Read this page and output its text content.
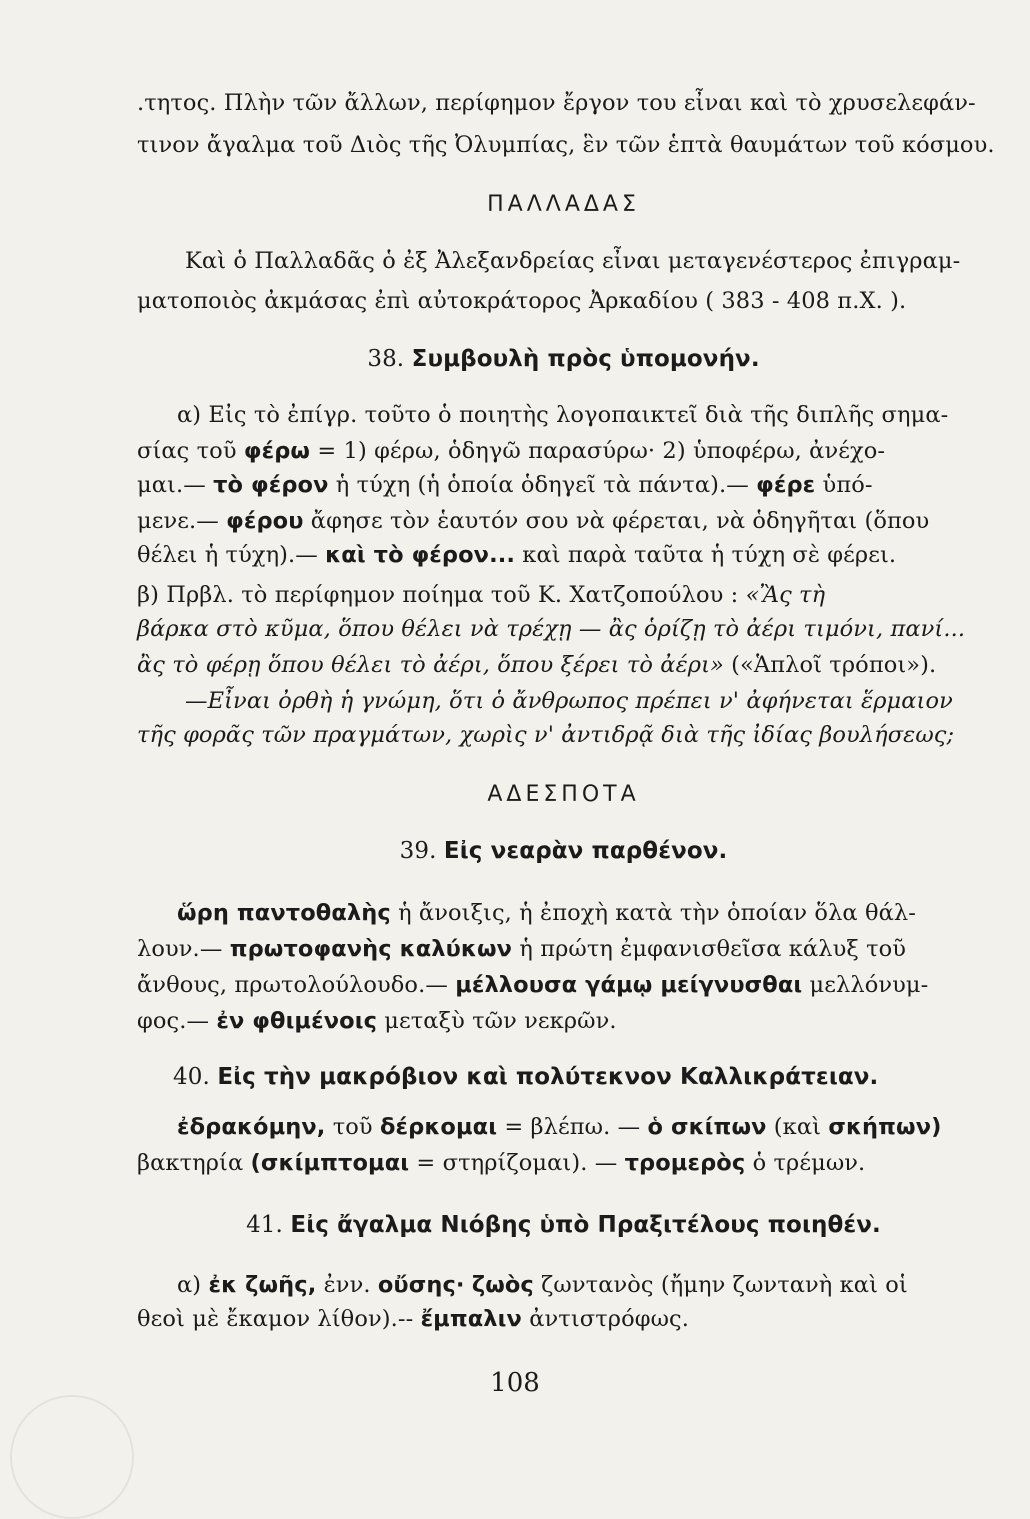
.τητος. Πλὴν τῶν ἄλλων, περίφημον ἔργον του εἶναι καὶ τὸ χρυσελεφάν-
τινον ἄγαλμα τοῦ Διὸς τῆς Ὀλυμπίας, ἓν τῶν ἑπτὰ θαυμάτων τοῦ κόσμου.
ΠΑΛΛΑΔΑΣ
Καὶ ὁ Παλλαδᾶς ὁ ἐξ Ἀλεξανδρείας εἶναι μεταγενέστερος ἐπιγραμ-
ματοποιὸς ἀκμάσας ἐπὶ αὐτοκράτορος Ἀρκαδίου ( 383 - 408 π.Χ. ).
38. Συμβουλὴ πρὸς ὑπομονήν.
α) Εἰς τὸ ἐπίγρ. τοῦτο ὁ ποιητὴς λογοπαικτεῖ διὰ τῆς διπλῆς σημα-
σίας τοῦ φέρω = 1) φέρω, ὁδηγῶ παρασύρω· 2) ὑποφέρω, ἀνέχο-
μαι.— τὸ φέρον ἡ τύχη (ἡ ὁποία ὁδηγεῖ τὰ πάντα).— φέρε ὑπό-
μενε.— φέρου ἄφησε τὸν ἑαυτόν σου νὰ φέρεται, νὰ ὁδηγῆται (ὅπου
θέλει ἡ τύχη).— καὶ τὸ φέρον... καὶ παρὰ ταῦτα ἡ τύχη σὲ φέρει.
β) Πρβλ. τὸ περίφημον ποίημα τοῦ Κ. Χατζοπούλου : «Ἂς τὴ
βάρκα στὸ κῦμα, ὅπου θέλει νὰ τρέχῃ — ἂς ὁρίζῃ τὸ ἀέρι τιμόνι, πανί...
ἂς τὸ φέρῃ ὅπου θέλει τὸ ἀέρι, ὅπου ξέρει τὸ ἀέρι» («Ἁπλοῖ τρόποι»).
—Εἶναι ὀρθὴ ἡ γνώμη, ὅτι ὁ ἄνθρωπος πρέπει ν' ἀφήνεται ἕρμαιον
τῆς φορᾶς τῶν πραγμάτων, χωρὶς ν' ἀντιδρᾷ διὰ τῆς ἰδίας βουλήσεως;
ΑΔΕΣΠΟΤΑ
39. Εἰς νεαρὰν παρθένον.
ὥρη παντοθαλὴς ἡ ἄνοιξις, ἡ ἐποχὴ κατὰ τὴν ὁποίαν ὅλα θάλ-
λουν.— πρωτοφανὴς καλύκων ἡ πρώτη ἐμφανισθεῖσα κάλυξ τοῦ
ἄνθους, πρωτολούλουδο.— μέλλουσα γάμῳ μείγνυσθαι μελλόνυμ-
φος.— ἐν φθιμένοις μεταξὺ τῶν νεκρῶν.
40. Εἰς τὴν μακρόβιον καὶ πολύτεκνον Καλλικράτειαν.
ἐδρακόμην, τοῦ δέρκομαι = βλέπω. — ὁ σκίπων (καὶ σκήπων)
βακτηρία (σκίμπτομαι = στηρίζομαι). — τρομερὸς ὁ τρέμων.
41. Εἰς ἄγαλμα Νιόβης ὑπὸ Πραξιτέλους ποιηθέν.
α) ἐκ ζωῆς, ἐνν. οὔσης· ζωὸς ζωντανὸς (ἤμην ζωντανὴ καὶ οἱ
θεοὶ μὲ ἔκαμον λίθον).-- ἔμπαλιν ἀντιστρόφως.
108
